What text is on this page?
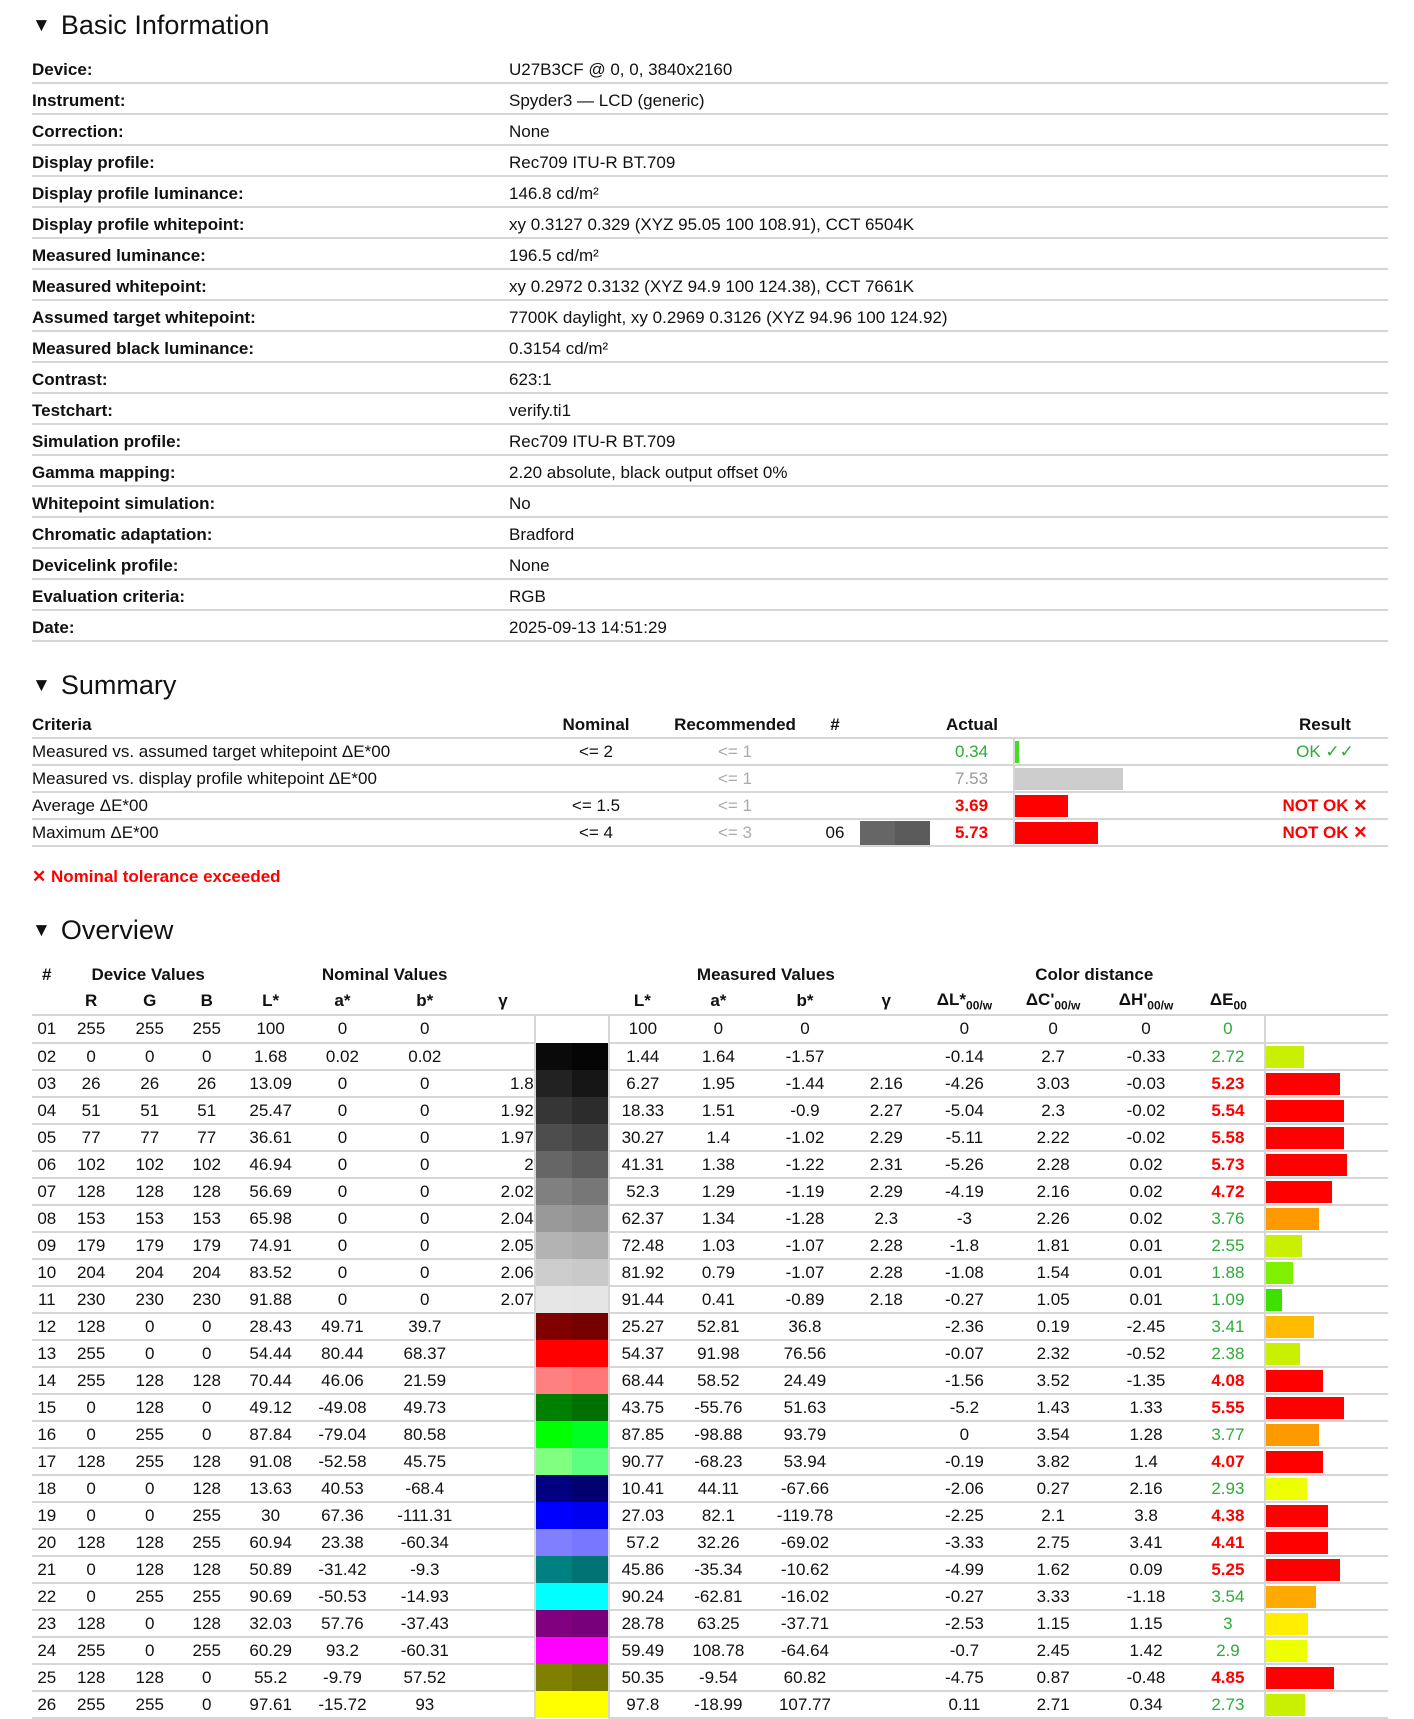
▼ Basic Information
Device:	U27B3CF @ 0, 0, 3840x2160
Instrument:	Spyder3 — LCD (generic)
Correction:	None
Display profile:	Rec709 ITU-R BT.709
Display profile luminance:	146.8 cd/m²
Display profile whitepoint:	xy 0.3127 0.329 (XYZ 95.05 100 108.91), CCT 6504K
Measured luminance:	196.5 cd/m²
Measured whitepoint:	xy 0.2972 0.3132 (XYZ 94.9 100 124.38), CCT 7661K
Assumed target whitepoint:	7700K daylight, xy 0.2969 0.3126 (XYZ 94.96 100 124.92)
Measured black luminance:	0.3154 cd/m²
Contrast:	623:1
Testchart:	verify.ti1
Simulation profile:	Rec709 ITU-R BT.709
Gamma mapping:	2.20 absolute, black output offset 0%
Whitepoint simulation:	No
Chromatic adaptation:	Bradford
Devicelink profile:	None
Evaluation criteria:	RGB
Date:	2025-09-13 14:51:29
▼ Summary
Criteria	Nominal	Recommended	#		Actual		Result
Measured vs. assumed target whitepoint ΔE*00	<= 2	<= 1			0.34		OK ✓✓
Measured vs. display profile whitepoint ΔE*00		<= 1			7.53	

Average ΔE*00	<= 1.5	<= 1			3.69		NOT OK ✕
Maximum ΔE*00	<= 4	<= 3	06		5.73		NOT OK ✕
✕ Nominal tolerance exceeded
▼ Overview
#	Device Values			Nominal Values					Measured Values				Color distance				
	R	G	B	L*	a*	b*	γ		L*	a*	b*	γ	$\Delta L*_{00/w}$	$\Delta C'_{00/w}$	$\Delta H'_{00/w}$	$\Delta E_{00}$	
01	255	255	255	100	0	0			100	0	0		0	0	0	0	
02	0	0	0	1.68	0.02	0.02			1.44	1.64	-1.57		-0.14	2.7	-0.33	2.72	

03	26	26	26	13.09	0	0	1.8		6.27	1.95	-1.44	2.16	-4.26	3.03	-0.03	5.23	

04	51	51	51	25.47	0	0	1.92		18.33	1.51	-0.9	2.27	-5.04	2.3	-0.02	5.54	

05	77	77	77	36.61	0	0	1.97		30.27	1.4	-1.02	2.29	-5.11	2.22	-0.02	5.58	

06	102	102	102	46.94	0	0	2		41.31	1.38	-1.22	2.31	-5.26	2.28	0.02	5.73	

07	128	128	128	56.69	0	0	2.02		52.3	1.29	-1.19	2.29	-4.19	2.16	0.02	4.72	

08	153	153	153	65.98	0	0	2.04		62.37	1.34	-1.28	2.3	-3	2.26	0.02	3.76	

09	179	179	179	74.91	0	0	2.05		72.48	1.03	-1.07	2.28	-1.8	1.81	0.01	2.55	

10	204	204	204	83.52	0	0	2.06		81.92	0.79	-1.07	2.28	-1.08	1.54	0.01	1.88	

11	230	230	230	91.88	0	0	2.07		91.44	0.41	-0.89	2.18	-0.27	1.05	0.01	1.09	

12	128	0	0	28.43	49.71	39.7			25.27	52.81	36.8		-2.36	0.19	-2.45	3.41	

13	255	0	0	54.44	80.44	68.37			54.37	91.98	76.56		-0.07	2.32	-0.52	2.38	

14	255	128	128	70.44	46.06	21.59			68.44	58.52	24.49		-1.56	3.52	-1.35	4.08	

15	0	128	0	49.12	-49.08	49.73			43.75	-55.76	51.63		-5.2	1.43	1.33	5.55	

16	0	255	0	87.84	-79.04	80.58			87.85	-98.88	93.79		0	3.54	1.28	3.77	

17	128	255	128	91.08	-52.58	45.75			90.77	-68.23	53.94		-0.19	3.82	1.4	4.07	

18	0	0	128	13.63	40.53	-68.4			10.41	44.11	-67.66		-2.06	0.27	2.16	2.93	

19	0	0	255	30	67.36	-111.31			27.03	82.1	-119.78		-2.25	2.1	3.8	4.38	

20	128	128	255	60.94	23.38	-60.34			57.2	32.26	-69.02		-3.33	2.75	3.41	4.41	

21	0	128	128	50.89	-31.42	-9.3			45.86	-35.34	-10.62		-4.99	1.62	0.09	5.25	

22	0	255	255	90.69	-50.53	-14.93			90.24	-62.81	-16.02		-0.27	3.33	-1.18	3.54	

23	128	0	128	32.03	57.76	-37.43			28.78	63.25	-37.71		-2.53	1.15	1.15	3	

24	255	0	255	60.29	93.2	-60.31			59.49	108.78	-64.64		-0.7	2.45	1.42	2.9	

25	128	128	0	55.2	-9.79	57.52			50.35	-9.54	60.82		-4.75	0.87	-0.48	4.85	

26	255	255	0	97.61	-15.72	93			97.8	-18.99	107.77		0.11	2.71	0.34	2.73	
